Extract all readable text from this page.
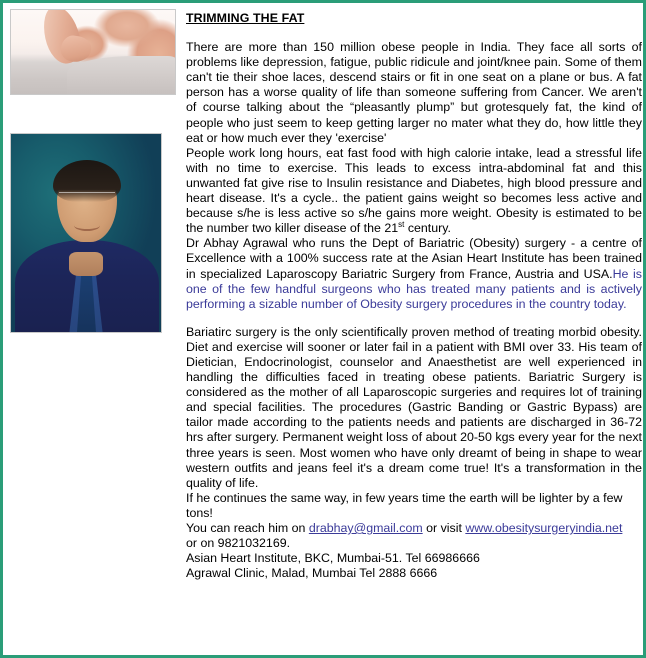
TRIMMING THE FAT

There are more than 150 million obese people in India. They face all sorts of problems like depression, fatigue, public ridicule and joint/knee pain. Some of them can't tie their shoe laces, descend stairs or fit in one seat on a plane or bus. A fat person has a worse quality of life than someone suffering from Cancer. We aren't of course talking about the “pleasantly plump” but grotesquely fat, the kind of people who just seem to keep getting larger no mater what they do, how little they eat or how much ever they 'exercise'

People work long hours, eat fast food with high calorie intake, lead a stressful life with no time to exercise. This leads to excess intra-abdominal fat and this unwanted fat give rise to Insulin resistance and Diabetes, high blood pressure and heart disease. It's a cycle.. the patient gains weight so becomes less active and because s/he is less active so s/he gains more weight. Obesity is estimated to be the number two killer disease of the 21st century.

Dr Abhay Agrawal who runs the Dept of Bariatric (Obesity) surgery - a centre of Excellence with a 100% success rate at the Asian Heart Institute has been trained in specialized Laparoscopy Bariatric Surgery from France, Austria and USA.He is one of the few handful surgeons who has treated many patients and is actively performing a sizable number of Obesity surgery procedures in the country today.

Bariatirc surgery is the only scientifically proven method of treating morbid obesity. Diet and exercise will sooner or later fail in a patient with BMI over 33. His team of Dietician, Endocrinologist, counselor and Anaesthetist are well experienced in handling the difficulties faced in treating obese patients. Bariatric Surgery is considered as the mother of all Laparoscopic surgeries and requires lot of training and special facilities. The procedures (Gastric Banding or Gastric Bypass) are tailor made according to the patients needs and patients are discharged in 36-72 hrs after surgery. Permanent weight loss of about 20-50 kgs every year for the next three years is seen. Most women who have only dreamt of being in shape to wear western outfits and jeans feel it's a dream come true! It's a transformation in the quality of life.

If he continues the same way, in few years time the earth will be lighter by a few tons!

You can reach him on drabhay@gmail.com or visit www.obesitysurgeryindia.net

or on 9821032169.

Asian Heart Institute, BKC, Mumbai-51. Tel 66986666

Agrawal Clinic, Malad, Mumbai Tel 2888 6666
